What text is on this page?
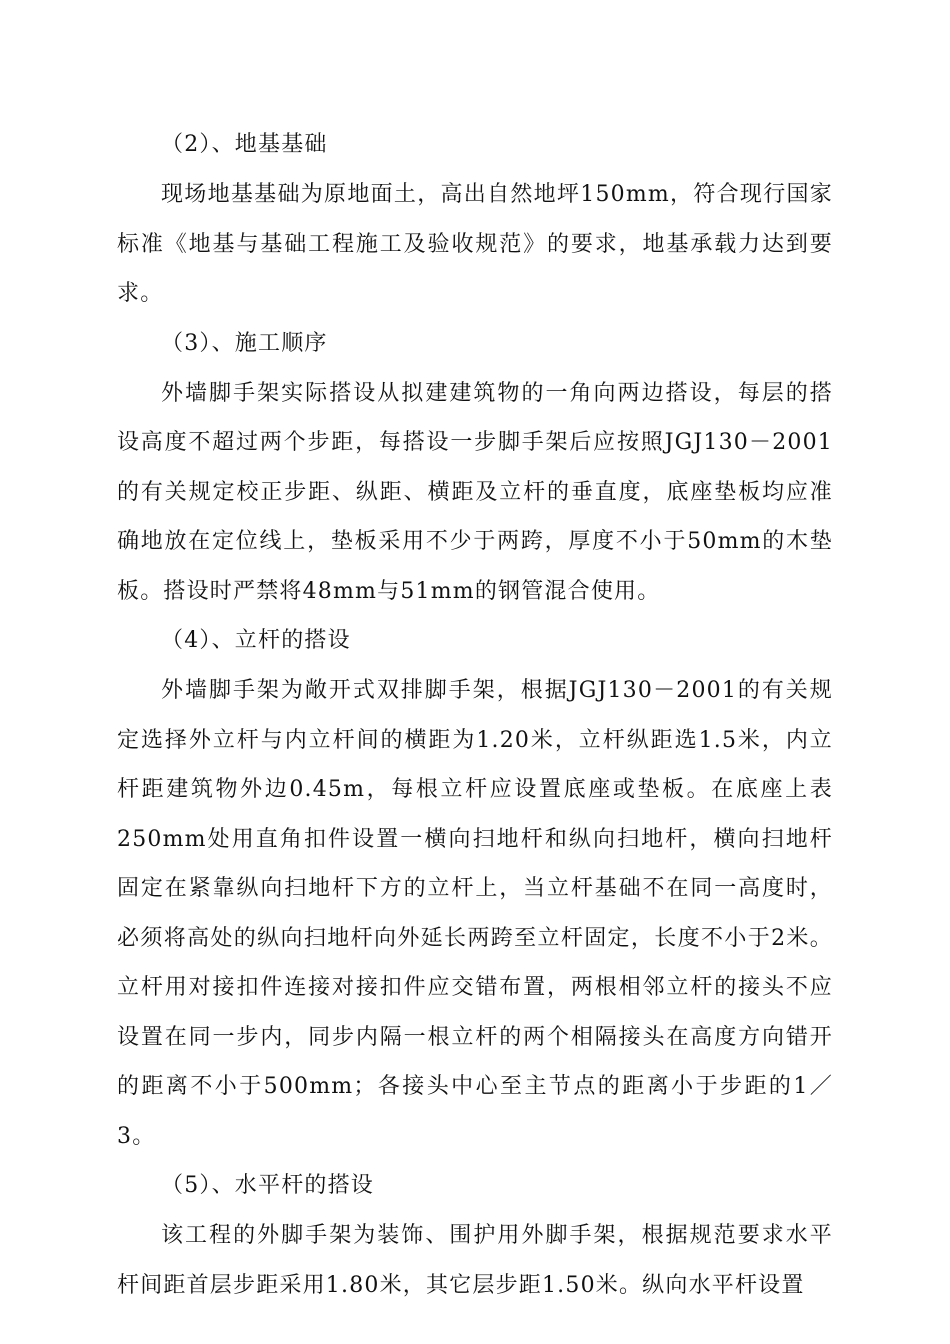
（2）、地基基础

现场地基基础为原地面土，高出自然地坪150mm，符合现行国家标准《地基与基础工程施工及验收规范》的要求，地基承载力达到要求。

（3）、施工顺序

外墙脚手架实际搭设从拟建建筑物的一角向两边搭设，每层的搭设高度不超过两个步距，每搭设一步脚手架后应按照JGJ130－2001的有关规定校正步距、纵距、横距及立杆的垂直度，底座垫板均应准确地放在定位线上，垫板采用不少于两跨，厚度不小于50mm的木垫板。搭设时严禁将48mm与51mm的钢管混合使用。

（4）、立杆的搭设

外墙脚手架为敞开式双排脚手架，根据JGJ130－2001的有关规定选择外立杆与内立杆间的横距为1.20米，立杆纵距选1.5米，内立杆距建筑物外边0.45m，每根立杆应设置底座或垫板。在底座上表250mm处用直角扣件设置一横向扫地杆和纵向扫地杆，横向扫地杆固定在紧靠纵向扫地杆下方的立杆上，当立杆基础不在同一高度时，必须将高处的纵向扫地杆向外延长两跨至立杆固定，长度不小于2米。立杆用对接扣件连接对接扣件应交错布置，两根相邻立杆的接头不应设置在同一步内，同步内隔一根立杆的两个相隔接头在高度方向错开的距离不小于500mm；各接头中心至主节点的距离小于步距的1／3。

（5）、水平杆的搭设

该工程的外脚手架为装饰、围护用外脚手架，根据规范要求水平杆间距首层步距采用1.80米，其它层步距1.50米。纵向水平杆设置
